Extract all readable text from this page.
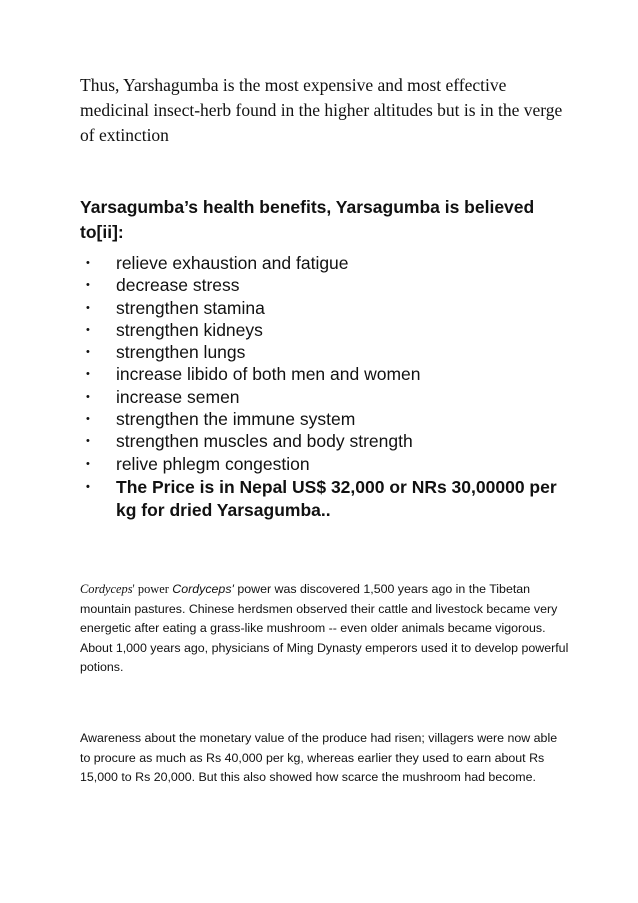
Thus, Yarshagumba is the most expensive and most effective medicinal insect-herb found in the higher altitudes but is in the verge of extinction

Yarsagumba’s health benefits, Yarsagumba is believed to[ii]:

• relieve exhaustion and fatigue
• decrease stress
• strengthen stamina
• strengthen kidneys
• strengthen lungs
• increase libido of both men and women
• increase semen
• strengthen the immune system
• strengthen muscles and body strength
• relive phlegm congestion
• The Price is in Nepal US$ 32,000 or NRs 30,00000 per kg for dried Yarsagumba..

Cordyceps' power Cordyceps' power was discovered 1,500 years ago in the Tibetan mountain pastures. Chinese herdsmen observed their cattle and livestock became very energetic after eating a grass-like mushroom -- even older animals became vigorous. About 1,000 years ago, physicians of Ming Dynasty emperors used it to develop powerful potions.

Awareness about the monetary value of the produce had risen; villagers were now able to procure as much as Rs 40,000 per kg, whereas earlier they used to earn about Rs 15,000 to Rs 20,000. But this also showed how scarce the mushroom had become.
